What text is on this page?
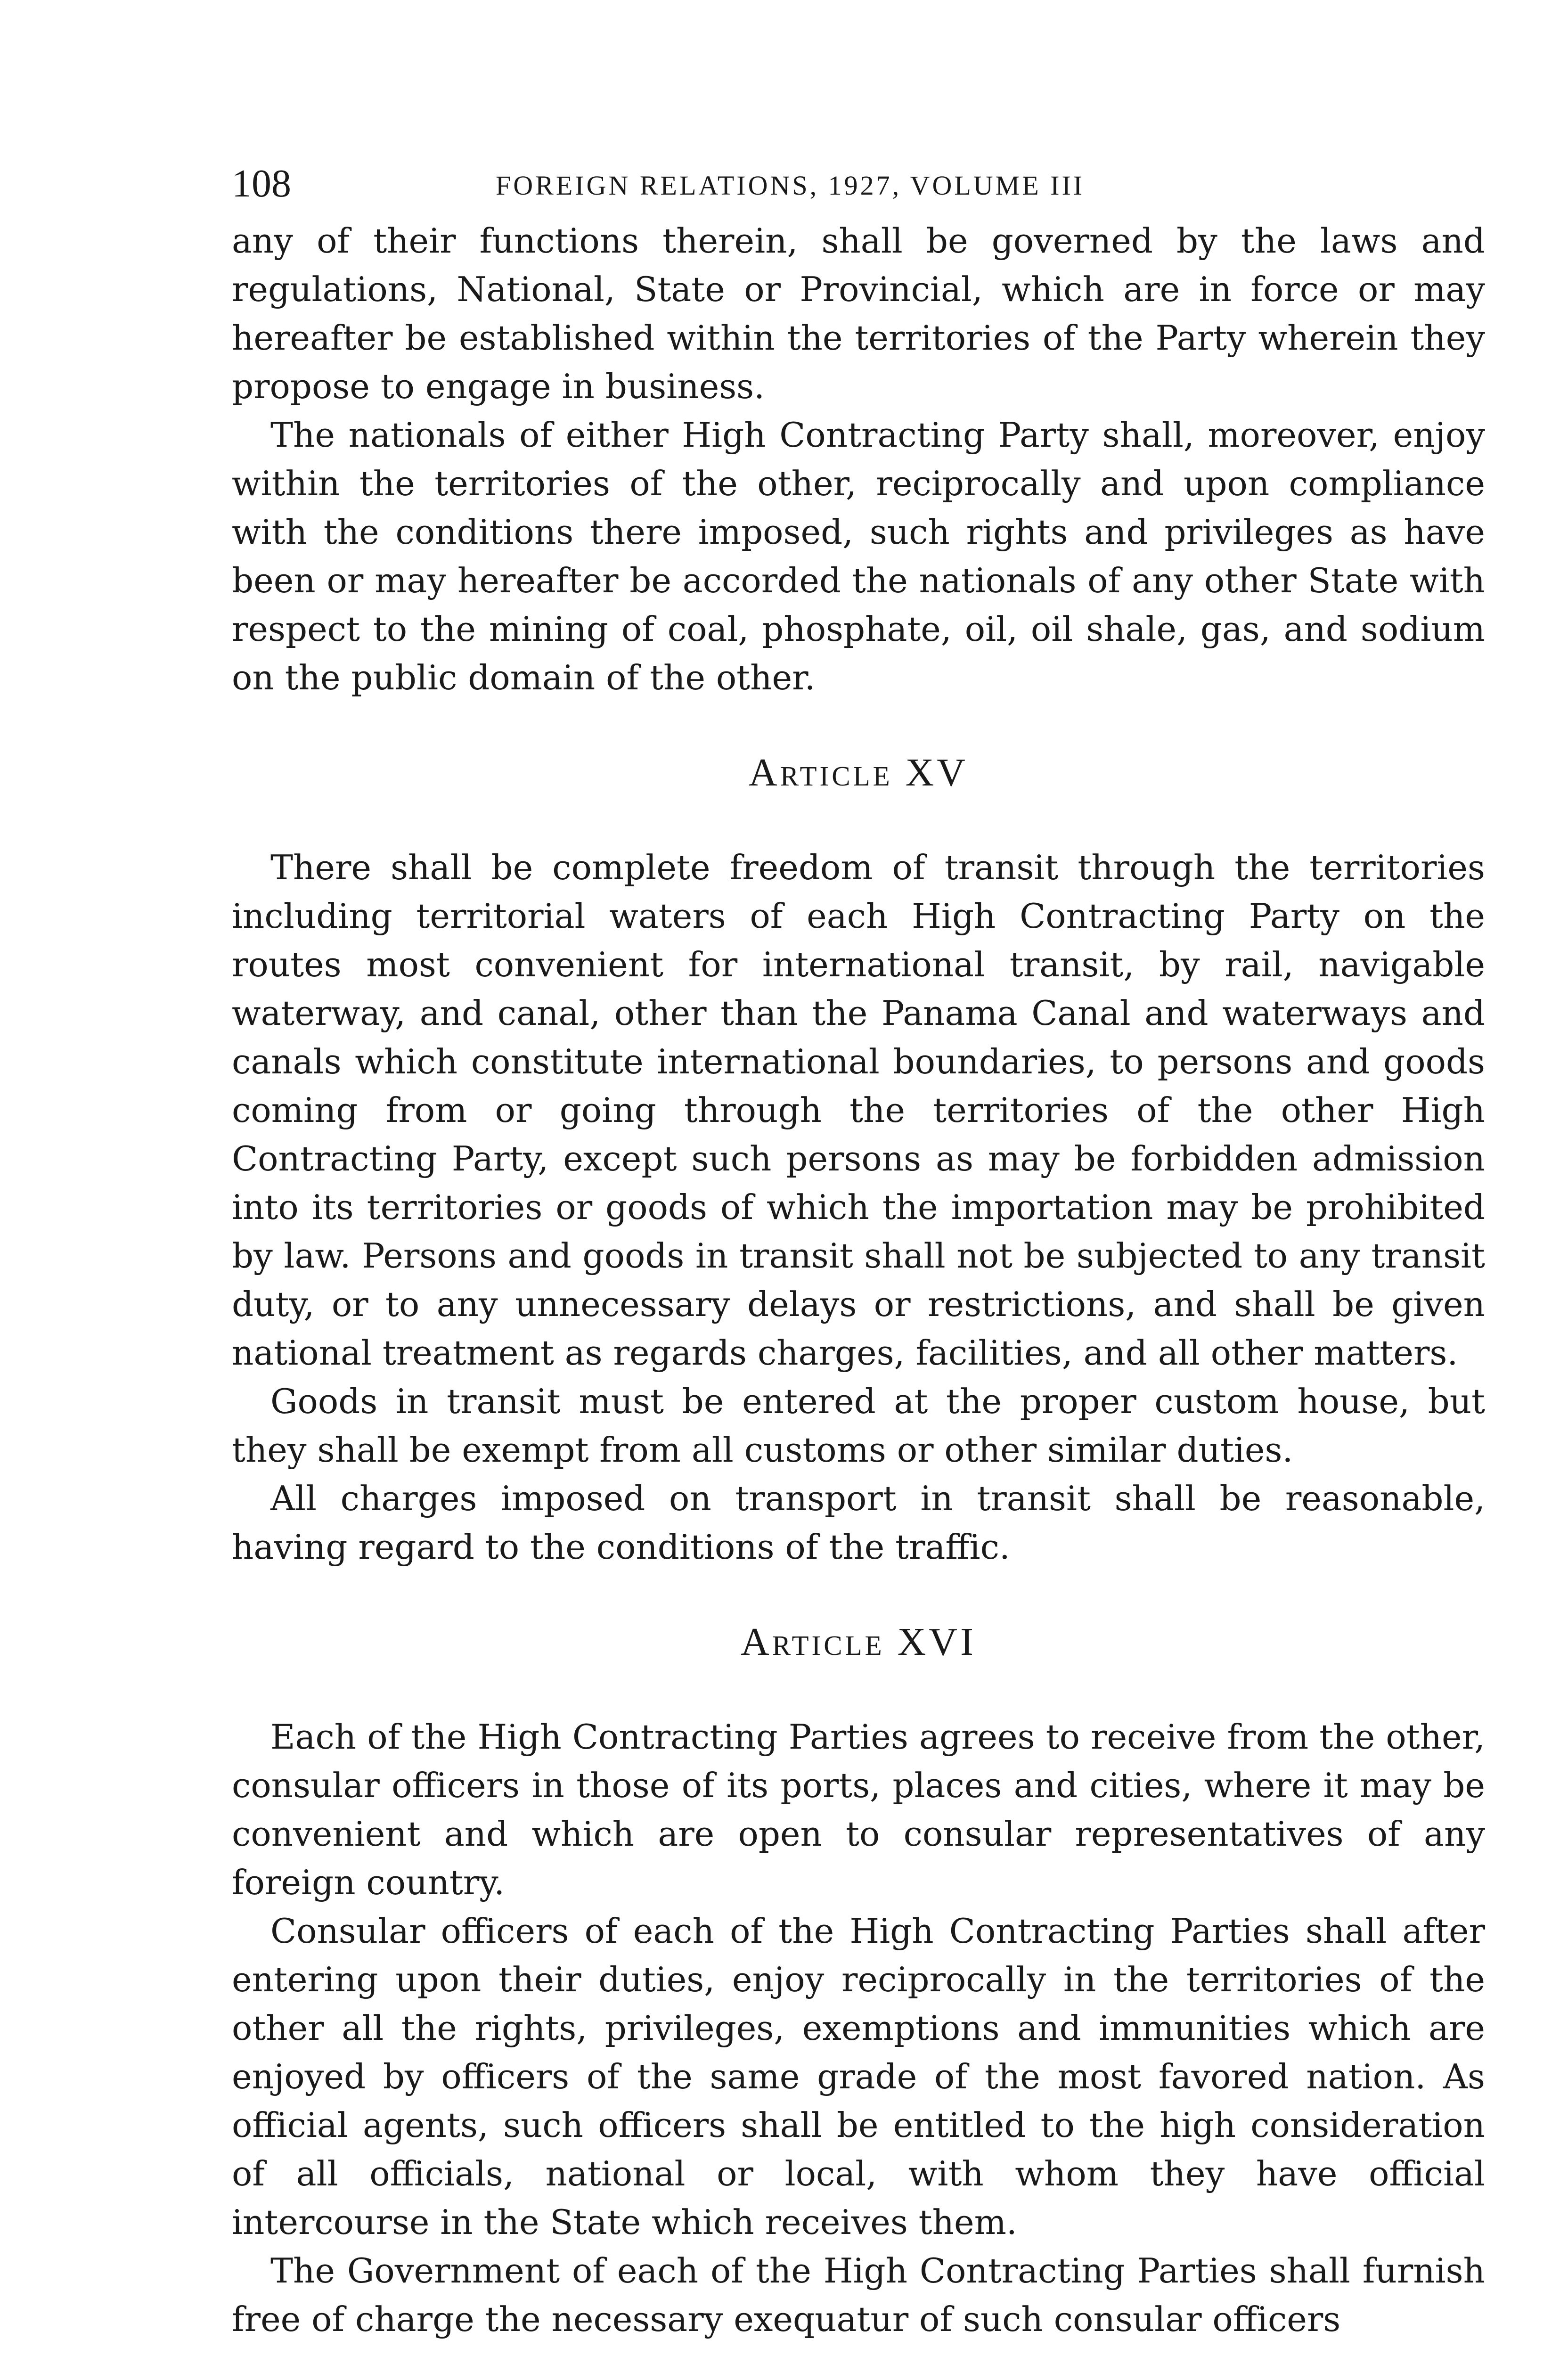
108	FOREIGN RELATIONS, 1927, VOLUME III

any of their functions therein, shall be governed by the laws and regulations, National, State or Provincial, which are in force or may hereafter be established within the territories of the Party wherein they propose to engage in business.

The nationals of either High Contracting Party shall, moreover, enjoy within the territories of the other, reciprocally and upon compliance with the conditions there imposed, such rights and privileges as have been or may hereafter be accorded the nationals of any other State with respect to the mining of coal, phosphate, oil, oil shale, gas, and sodium on the public domain of the other.

Article XV

There shall be complete freedom of transit through the territories including territorial waters of each High Contracting Party on the routes most convenient for international transit, by rail, navigable waterway, and canal, other than the Panama Canal and waterways and canals which constitute international boundaries, to persons and goods coming from or going through the territories of the other High Contracting Party, except such persons as may be forbidden admission into its territories or goods of which the importation may be prohibited by law. Persons and goods in transit shall not be subjected to any transit duty, or to any unnecessary delays or restrictions, and shall be given national treatment as regards charges, facilities, and all other matters.

Goods in transit must be entered at the proper custom house, but they shall be exempt from all customs or other similar duties.

All charges imposed on transport in transit shall be reasonable, having regard to the conditions of the traffic.

Article XVI

Each of the High Contracting Parties agrees to receive from the other, consular officers in those of its ports, places and cities, where it may be convenient and which are open to consular representatives of any foreign country.

Consular officers of each of the High Contracting Parties shall after entering upon their duties, enjoy reciprocally in the territories of the other all the rights, privileges, exemptions and immunities which are enjoyed by officers of the same grade of the most favored nation. As official agents, such officers shall be entitled to the high consideration of all officials, national or local, with whom they have official intercourse in the State which receives them.

The Government of each of the High Contracting Parties shall furnish free of charge the necessary exequatur of such consular officers
